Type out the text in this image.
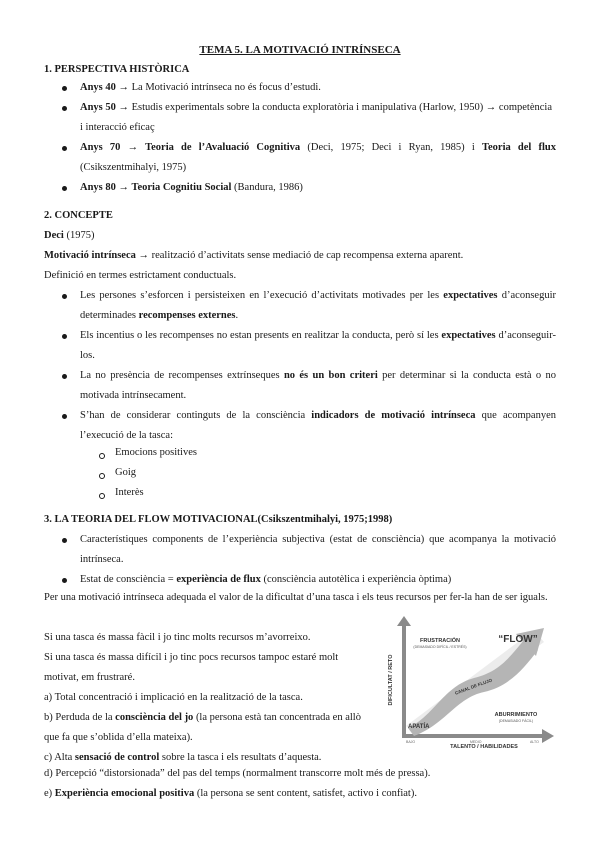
TEMA 5. LA MOTIVACIÓ INTRÍNSECA
1. PERSPECTIVA HISTÒRICA
Anys 40 → La Motivació intrínseca no és focus d’estudi.
Anys 50 → Estudis experimentals sobre la conducta exploratòria i manipulativa (Harlow, 1950) → competència i interacció eficaç
Anys 70 → Teoria de l’Avaluació Cognitiva (Deci, 1975; Deci i Ryan, 1985) i Teoria del flux (Csikszentmihalyi, 1975)
Anys 80 → Teoria Cognitiu Social (Bandura, 1986)
2. CONCEPTE
Deci (1975)
Motivació intrínseca → realització d’activitats sense mediació de cap recompensa externa aparent.
Definició en termes estrictament conductuals.
Les persones s’esforcen i persisteixen en l’execució d’activitats motivades per les expectatives d’aconseguir determinades recompenses externes.
Els incentius o les recompenses no estan presents en realitzar la conducta, però sí les expectatives d’aconseguir-los.
La no presència de recompenses extrínseques no és un bon criteri per determinar si la conducta està o no motivada intrínsecament.
S’han de considerar continguts de la consciència indicadors de motivació intrínseca que acompanyen l’execució de la tasca:
Emocions positives
Goig
Interès
3. LA TEORIA DEL FLOW MOTIVACIONAL(Csikszentmihalyi, 1975;1998)
Característiques components de l’experiència subjectiva (estat de consciència) que acompanya la motivació intrínseca.
Estat de consciència = experiència de flux (consciència autotèlica i experiència òptima)
Per una motivació intrínseca adequada el valor de la dificultat d’una tasca i els teus recursos per fer-la han de ser iguals.
Si una tasca és massa fàcil i jo tinc molts recursos m’avorreixo.
Si una tasca és massa difícil i jo tinc pocs recursos tampoc estaré molt motivat, em frustraré.
a) Total concentració i implicació en la realització de la tasca.
b) Perduda de la consciència del jo (la persona està tan concentrada en allò que fa que s’oblida d’ella mateixa).
c) Alta sensació de control sobre la tasca i els resultats d’aquesta.
d) Percepció “distorsionada” del pas del temps (normalment transcorre molt més de pressa).
e) Experiència emocional positiva (la persona se sent content, satisfet, activo i confiat).
DIFICULTAT / RETO
TALENTO / HABILIDADES
“FLOW”
FRUSTRACIÓN
(DEMASIADO DIFÍCIL / ESTRÉS)
CANAL DE FLUJO
ABURRIMIENTO
(DEMASIADO FÁCIL)
APATÍA
BAJO	MEDIO	ALTO
